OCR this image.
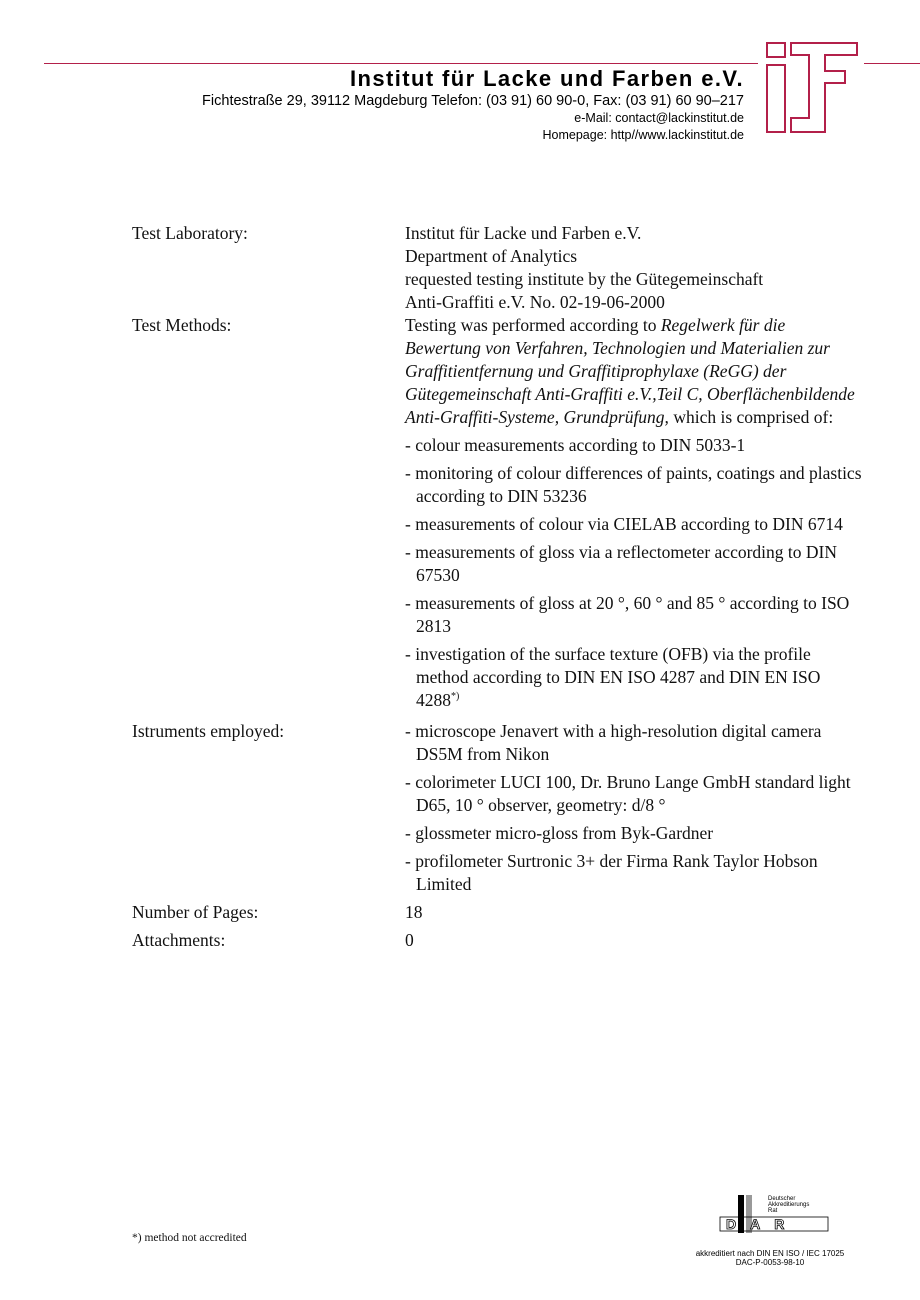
Institut für Lacke und Farben e.V.
Fichtestraße 29, 39112 Magdeburg Telefon: (03 91) 60 90-0, Fax: (03 91) 60 90–217
e-Mail: contact@lackinstitut.de
Homepage: http//www.lackinstitut.de
Test Laboratory:	Institut für Lacke und Farben e.V.
Department of Analytics
requested testing institute by the Gütegemeinschaft
Anti-Graffiti e.V. No. 02-19-06-2000
Test Methods:	Testing was performed according to Regelwerk für die Bewertung von Verfahren, Technologien und Materialien zur Graffitientfernung und Graffitiprophylaxe (ReGG) der Gütegemeinschaft Anti-Graffiti e.V.,Teil C, Oberflächenbildende Anti-Graffiti-Systeme, Grundprüfung, which is comprised of:
- colour measurements according to DIN 5033-1
- monitoring of colour differences of paints, coatings and plastics according to DIN 53236
- measurements of colour via CIELAB according to DIN 6714
- measurements of gloss via a reflectometer according to DIN 67530
- measurements of gloss at 20 °, 60 ° and 85 ° according to ISO 2813
- investigation of the surface texture (OFB) via the profile method according to DIN EN ISO 4287 and DIN EN ISO 4288*)
Istruments employed:	- microscope Jenavert with a high-resolution digital camera DS5M from Nikon
- colorimeter LUCI 100, Dr. Bruno Lange GmbH standard light D65, 10 ° observer, geometry: d/8 °
- glossmeter micro-gloss from Byk-Gardner
- profilometer Surtronic 3+ der Firma Rank Taylor Hobson Limited
Number of Pages:	18
Attachments:	0
*) method not accredited
Deutscher
Akkreditierungs
Rat
DAR
akkreditiert nach DIN EN ISO / IEC 17025
DAC-P-0053-98-10
